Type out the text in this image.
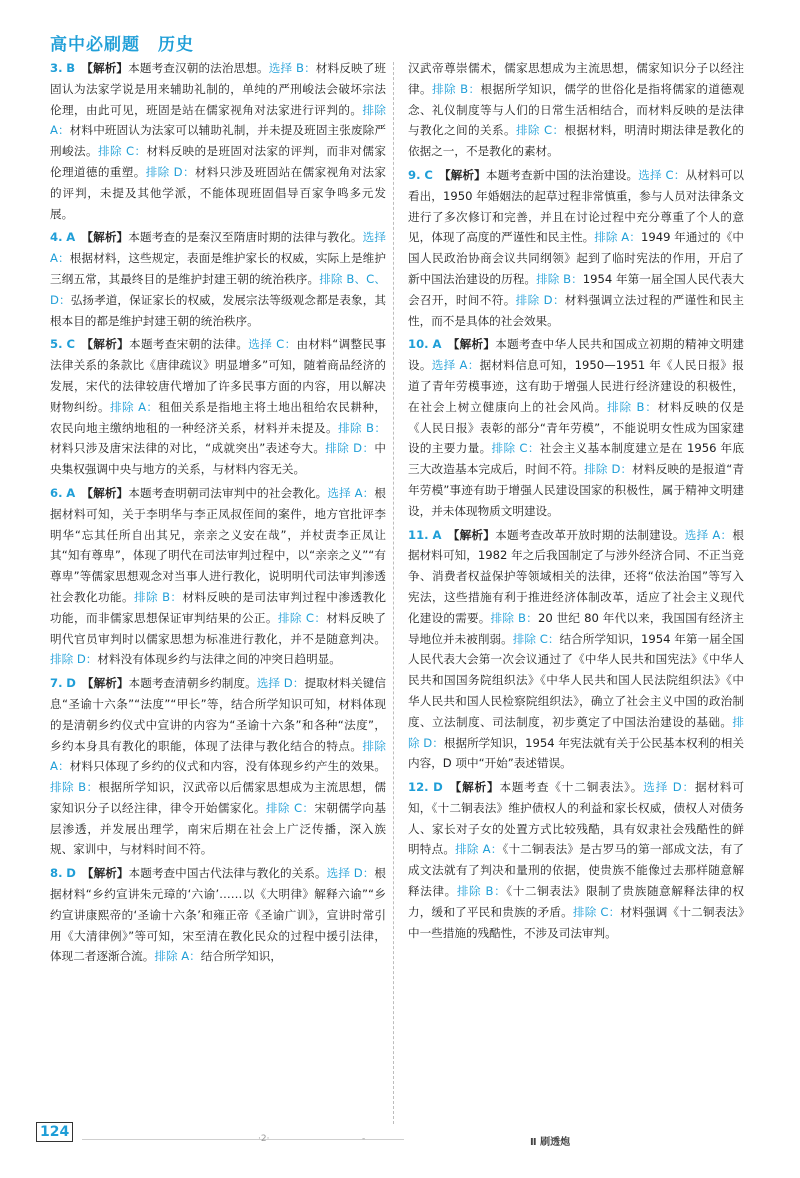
高中必刷题　历史

3. B 【解析】本题考查汉朝的法治思想。选择 B：材料反映了班固认为法家学说是用来辅助礼制的，单纯的严刑峻法会破坏宗法伦理，由此可见，班固是站在儒家视角对法家进行评判的。排除 A：材料中班固认为法家可以辅助礼制，并未提及班固主张废除严刑峻法。排除 C：材料反映的是班固对法家的评判，而非对儒家伦理道德的重塑。排除 D：材料只涉及班固站在儒家视角对法家的评判，未提及其他学派，不能体现班固倡导百家争鸣多元发展。

4. A 【解析】本题考查的是秦汉至隋唐时期的法律与教化。选择 A：根据材料，这些规定，表面是维护家长的权威，实际上是维护三纲五常，其最终目的是维护封建王朝的统治秩序。排除 B、C、D：弘扬孝道，保证家长的权威，发展宗法等级观念都是表象，其根本目的都是维护封建王朝的统治秩序。

5. C 【解析】本题考查宋朝的法律。选择 C：由材料“调整民事法律关系的条款比《唐律疏议》明显增多”可知，随着商品经济的发展，宋代的法律较唐代增加了许多民事方面的内容，用以解决财物纠纷。排除 A：租佃关系是指地主将土地出租给农民耕种，农民向地主缴纳地租的一种经济关系，材料并未提及。排除 B：材料只涉及唐宋法律的对比，“成就突出”表述夸大。排除 D：中央集权强调中央与地方的关系，与材料内容无关。

6. A 【解析】本题考查明朝司法审判中的社会教化。选择 A：根据材料可知，关于李明华与李正凤叔侄间的案件，地方官批评李明华“忘其任所自出其兄，亲亲之义安在哉”，并杖责李正凤让其“知有尊卑”，体现了明代在司法审判过程中，以“亲亲之义”“有尊卑”等儒家思想观念对当事人进行教化，说明明代司法审判渗透社会教化功能。排除 B：材料反映的是司法审判过程中渗透教化功能，而非儒家思想保证审判结果的公正。排除 C：材料反映了明代官员审判时以儒家思想为标准进行教化，并不是随意判决。排除 D：材料没有体现乡约与法律之间的冲突日趋明显。

7. D 【解析】本题考查清朝乡约制度。选择 D：提取材料关键信息“圣谕十六条”“法度”“甲长”等，结合所学知识可知，材料体现的是清朝乡约仪式中宣讲的内容为“圣谕十六条”和各种“法度”，乡约本身具有教化的职能，体现了法律与教化结合的特点。排除 A：材料只体现了乡约的仪式和内容，没有体现乡约产生的效果。排除 B：根据所学知识，汉武帝以后儒家思想成为主流思想，儒家知识分子以经注律，律令开始儒家化。排除 C：宋朝儒学向基层渗透，并发展出理学，南宋后期在社会上广泛传播，深入族规、家训中，与材料时间不符。

8. D 【解析】本题考查中国古代法律与教化的关系。选择 D：根据材料“乡约宣讲朱元璋的‘六谕’……以《大明律》解释六谕”“乡约宣讲康熙帝的‘圣谕十六条’和雍正帝《圣谕广训》，宣讲时常引用《大清律例》”等可知，宋至清在教化民众的过程中援引法律，体现二者逐渐合流。排除 A：结合所学知识，

汉武帝尊崇儒术，儒家思想成为主流思想，儒家知识分子以经注律。排除 B：根据所学知识，儒学的世俗化是指将儒家的道德观念、礼仪制度等与人们的日常生活相结合，而材料反映的是法律与教化之间的关系。排除 C：根据材料，明清时期法律是教化的依据之一，不是教化的素材。

9. C 【解析】本题考查新中国的法治建设。选择 C：从材料可以看出，1950 年婚姻法的起草过程非常慎重，参与人员对法律条文进行了多次修订和完善，并且在讨论过程中充分尊重了个人的意见，体现了高度的严谨性和民主性。排除 A：1949 年通过的《中国人民政治协商会议共同纲领》起到了临时宪法的作用，开启了新中国法治建设的历程。排除 B：1954 年第一届全国人民代表大会召开，时间不符。排除 D：材料强调立法过程的严谨性和民主性，而不是具体的社会效果。

10. A 【解析】本题考查中华人民共和国成立初期的精神文明建设。选择 A：据材料信息可知，1950—1951 年《人民日报》报道了青年劳模事迹，这有助于增强人民进行经济建设的积极性，在社会上树立健康向上的社会风尚。排除 B：材料反映的仅是《人民日报》表彰的部分“青年劳模”，不能说明女性成为国家建设的主要力量。排除 C：社会主义基本制度建立是在 1956 年底三大改造基本完成后，时间不符。排除 D：材料反映的是报道“青年劳模”事迹有助于增强人民建设国家的积极性，属于精神文明建设，并未体现物质文明建设。

11. A 【解析】本题考查改革开放时期的法制建设。选择 A：根据材料可知，1982 年之后我国制定了与涉外经济合同、不正当竞争、消费者权益保护等领域相关的法律，还将“依法治国”等写入宪法，这些措施有利于推进经济体制改革，适应了社会主义现代化建设的需要。排除 B：20 世纪 80 年代以来，我国国有经济主导地位并未被削弱。排除 C：结合所学知识，1954 年第一届全国人民代表大会第一次会议通过了《中华人民共和国宪法》《中华人民共和国国务院组织法》《中华人民共和国人民法院组织法》《中华人民共和国人民检察院组织法》，确立了社会主义中国的政治制度、立法制度、司法制度，初步奠定了中国法治建设的基础。排除 D：根据所学知识，1954 年宪法就有关于公民基本权利的相关内容，D 项中“开始”表述错误。

12. D 【解析】本题考查《十二铜表法》。选择 D：据材料可知，《十二铜表法》维护债权人的利益和家长权威，债权人对债务人、家长对子女的处置方式比较残酷，具有奴隶社会残酷性的鲜明特点。排除 A：《十二铜表法》是古罗马的第一部成文法，有了成文法就有了判决和量刑的依据，使贵族不能像过去那样随意解释法律。排除 B：《十二铜表法》限制了贵族随意解释法律的权力，缓和了平民和贵族的矛盾。排除 C：材料强调《十二铜表法》中一些措施的残酷性，不涉及司法审判。

124	·2·	-	Ⅱ 刷透炮
